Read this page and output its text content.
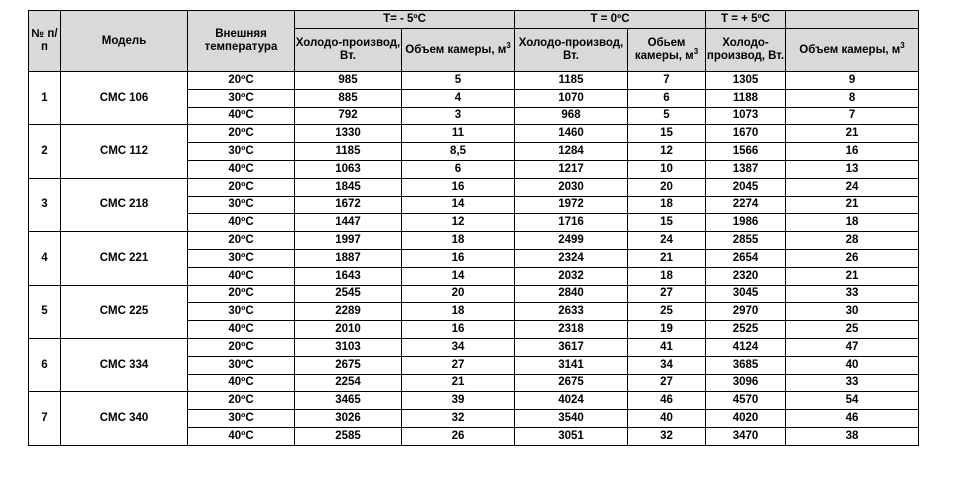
№ п/п	Модель	Внешняя температура	T= - 5ºC		T = 0ºC		T = + 5ºC	
			Холодо-производ, Вт.	Объем камеры, $м^3$	Холодо-производ, Вт.	Обьем камеры, $м^3$	Холодо-производ, Вт.	Объем камеры, $м^3$
1	CMC 106	20ºC	985	5	1185	7	1305	9
		30ºC	885	4	1070	6	1188	8
		40ºC	792	3	968	5	1073	7
2	CMC 112	20ºC	1330	11	1460	15	1670	21
		30ºC	1185	8,5	1284	12	1566	16
		40ºC	1063	6	1217	10	1387	13
3	CMC 218	20ºC	1845	16	2030	20	2045	24
		30ºC	1672	14	1972	18	2274	21
		40ºC	1447	12	1716	15	1986	18
4	CMC 221	20ºC	1997	18	2499	24	2855	28
		30ºC	1887	16	2324	21	2654	26
		40ºC	1643	14	2032	18	2320	21
5	CMC 225	20ºC	2545	20	2840	27	3045	33
		30ºC	2289	18	2633	25	2970	30
		40ºC	2010	16	2318	19	2525	25
6	CMC 334	20ºC	3103	34	3617	41	4124	47
		30ºC	2675	27	3141	34	3685	40
		40ºC	2254	21	2675	27	3096	33
7	CMC 340	20ºC	3465	39	4024	46	4570	54
		30ºC	3026	32	3540	40	4020	46
		40ºC	2585	26	3051	32	3470	38
